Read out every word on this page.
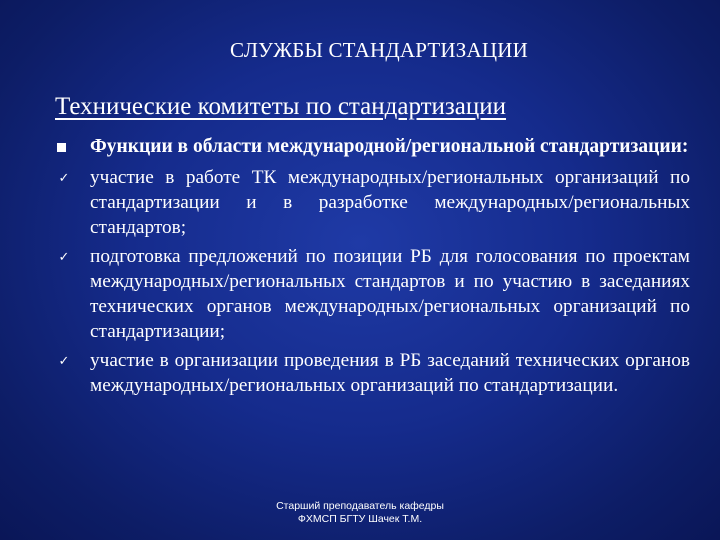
СЛУЖБЫ СТАНДАРТИЗАЦИИ
Технические комитеты по стандартизации
Функции в области международной/региональной стандартизации:
✓ участие в работе ТК международных/региональных организаций по стандартизации и в разработке международных/региональных стандартов;
✓ подготовка предложений по позиции РБ для голосования по проектам международных/региональных стандартов и по участию в заседаниях технических органов международных/региональных организаций по стандартизации;
✓ участие в организации проведения в РБ заседаний технических органов международных/региональных организаций по стандартизации.
Старший преподаватель кафедры
ФХМСП БГТУ Шачек Т.М.
